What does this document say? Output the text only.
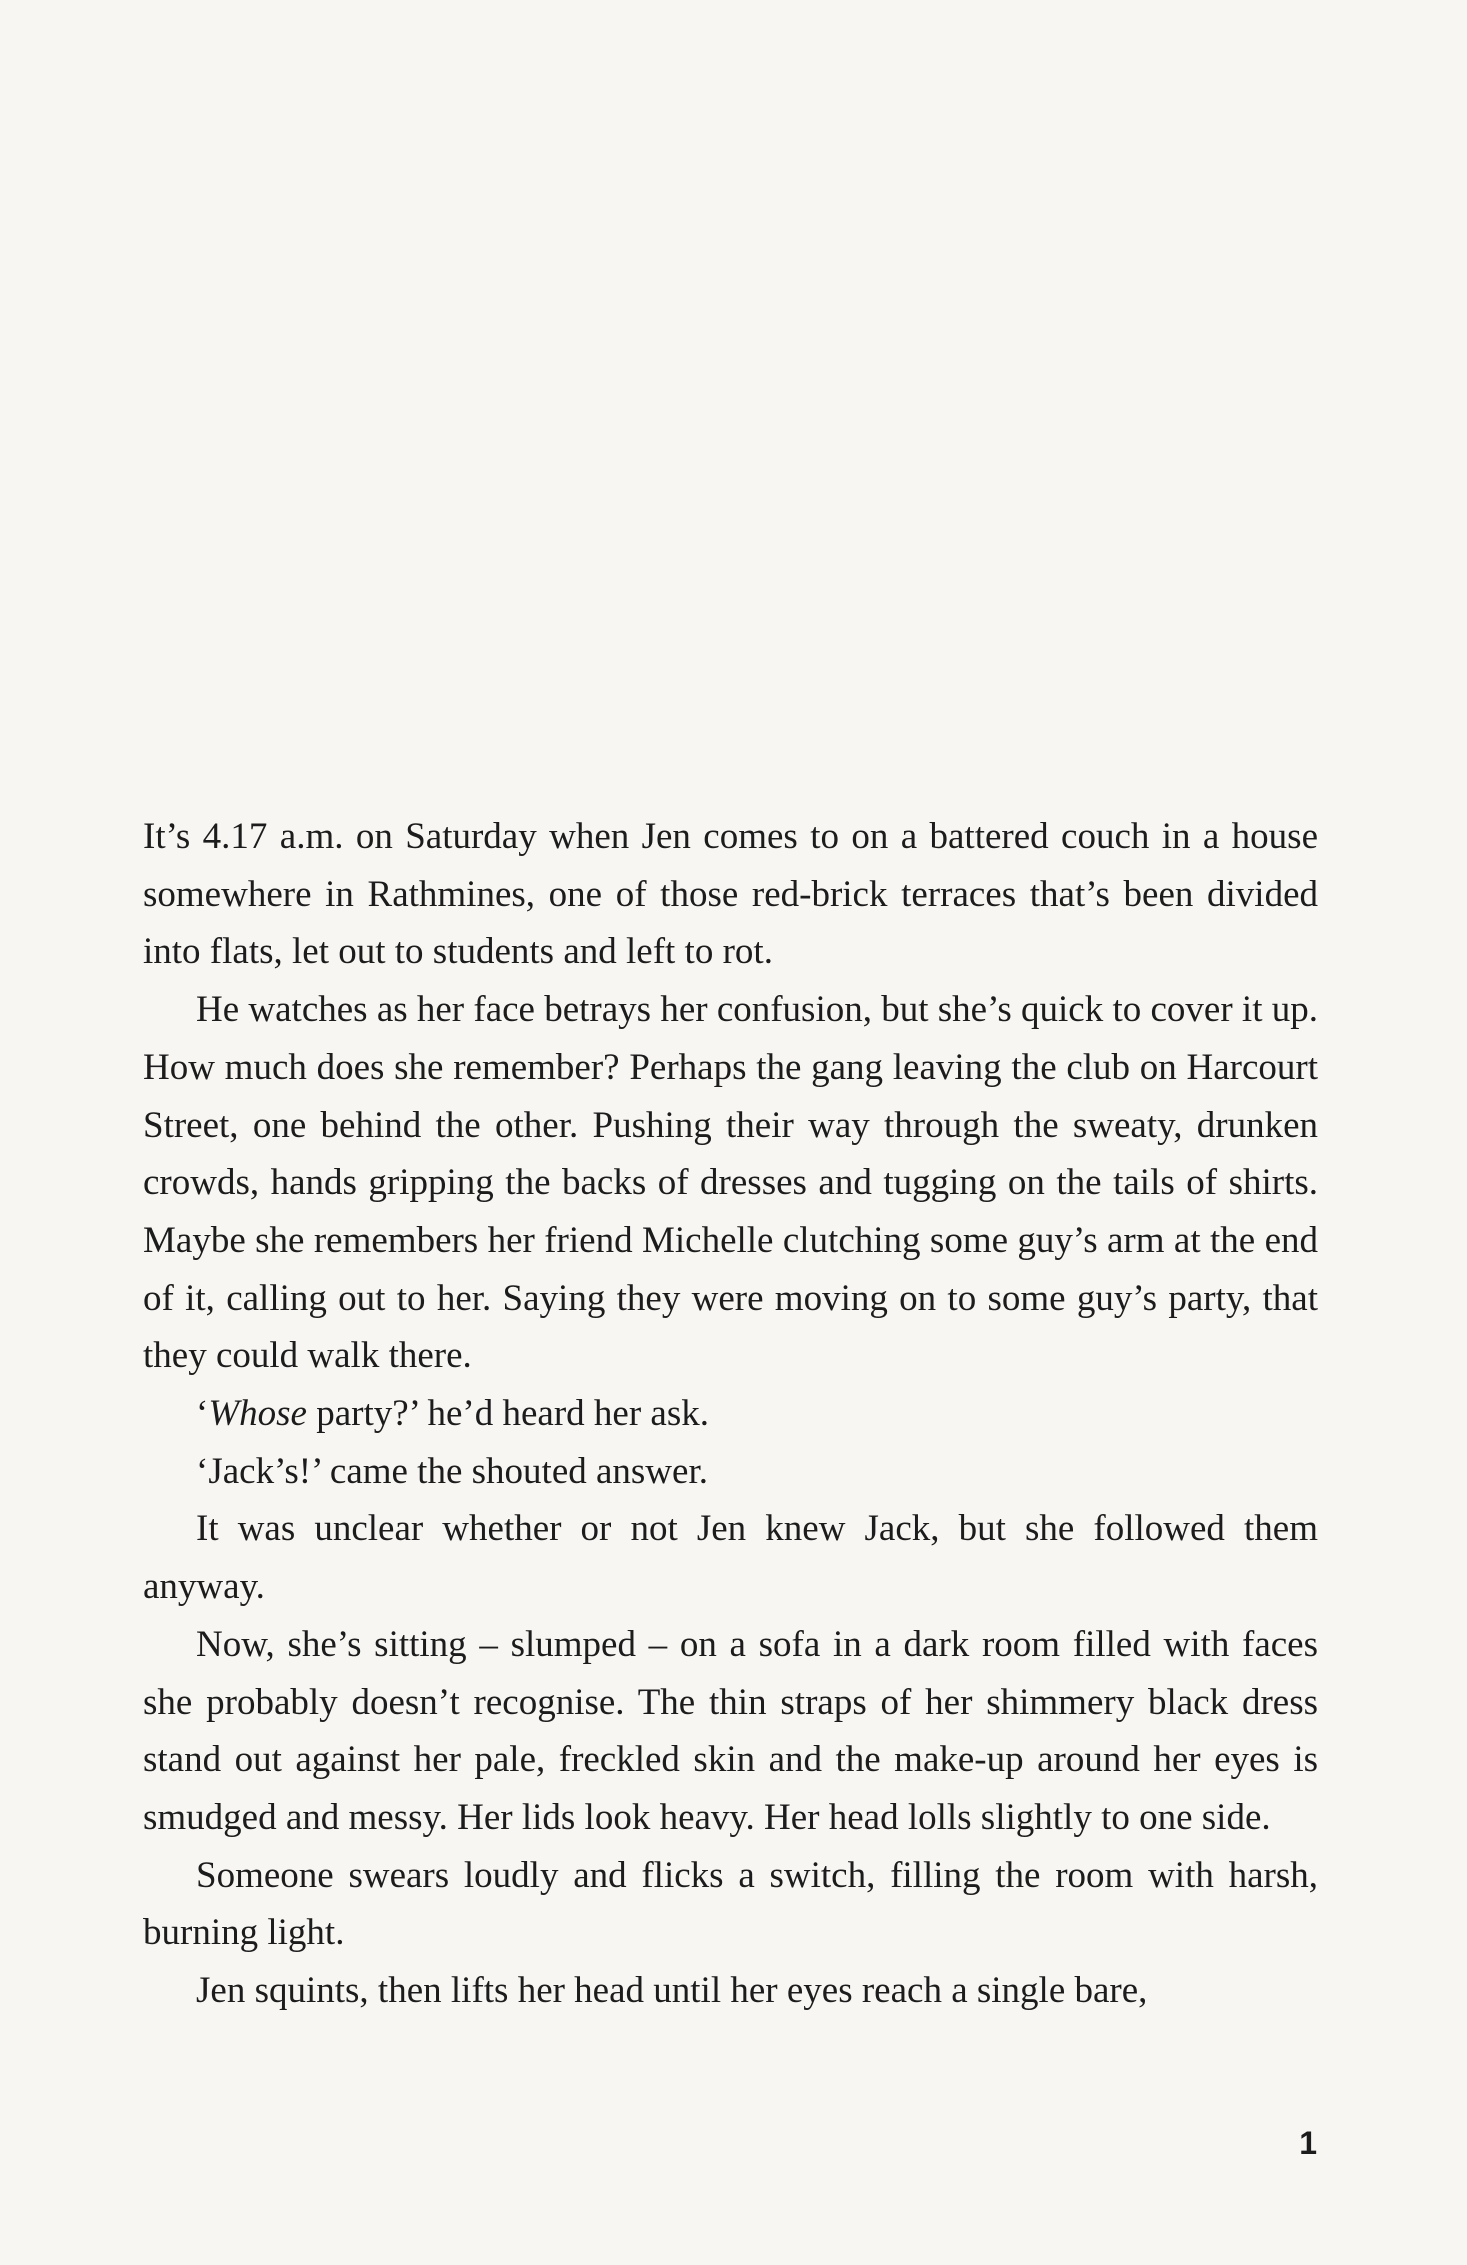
It’s 4.17 a.m. on Saturday when Jen comes to on a battered couch in a house somewhere in Rathmines, one of those red-brick terraces that’s been divided into flats, let out to students and left to rot.

He watches as her face betrays her confusion, but she’s quick to cover it up. How much does she remember? Perhaps the gang leaving the club on Harcourt Street, one behind the other. Pushing their way through the sweaty, drunken crowds, hands gripping the backs of dresses and tugging on the tails of shirts. Maybe she remembers her friend Michelle clutching some guy’s arm at the end of it, calling out to her. Saying they were moving on to some guy’s party, that they could walk there.

‘Whose party?’ he’d heard her ask.

‘Jack’s!’ came the shouted answer.

It was unclear whether or not Jen knew Jack, but she followed them anyway.

Now, she’s sitting – slumped – on a sofa in a dark room filled with faces she probably doesn’t recognise. The thin straps of her shimmery black dress stand out against her pale, freckled skin and the make-up around her eyes is smudged and messy. Her lids look heavy. Her head lolls slightly to one side.

Someone swears loudly and flicks a switch, filling the room with harsh, burning light.

Jen squints, then lifts her head until her eyes reach a single bare,

1
